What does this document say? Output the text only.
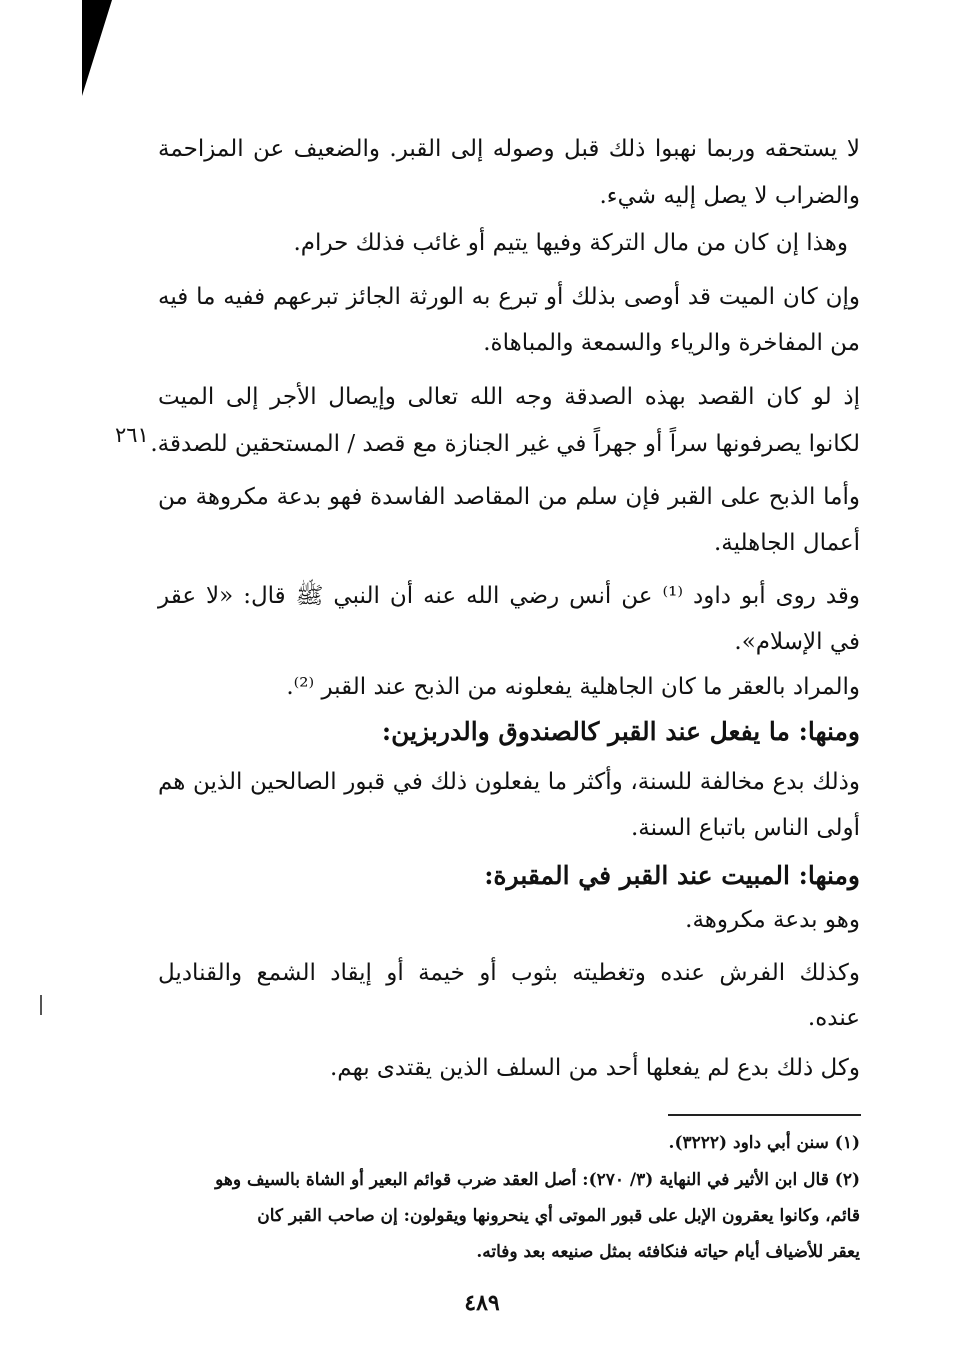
لا يستحقه وربما نهبوا ذلك قبل وصوله إلى القبر. والضعيف عن المزاحمة
والضراب لا يصل إليه شيء.
وهذا إن كان من مال التركة وفيها يتيم أو غائب فذلك حرام.
وإن كان الميت قد أوصى بذلك أو تبرع به الورثة الجائز تبرعهم ففيه ما فيه
من المفاخرة والرياء والسمعة والمباهاة.
إذ لو كان القصد بهذه الصدقة وجه الله تعالى وإيصال الأجر إلى الميت
لكانوا يصرفونها سراً أو جهراً في غير الجنازة مع قصد / المستحقين للصدقة.
٢٦١
وأما الذبح على القبر فإن سلم من المقاصد الفاسدة فهو بدعة مكروهة من
أعمال الجاهلية.
وقد روى أبو داود ⁽¹⁾ عن أنس رضي الله عنه أن النبي ﷺ قال: «لا عقر
في الإسلام».
والمراد بالعقر ما كان الجاهلية يفعلونه من الذبح عند القبر ⁽²⁾.
ومنها: ما يفعل عند القبر كالصندوق والدربزين:
وذلك بدع مخالفة للسنة، وأكثر ما يفعلون ذلك في قبور الصالحين الذين هم
أولى الناس باتباع السنة.
ومنها: المبيت عند القبر في المقبرة:
وهو بدعة مكروهة.
وكذلك الفرش عنده وتغطيته بثوب أو خيمة أو إيقاد الشمع والقناديل
عنده.
وكل ذلك بدع لم يفعلها أحد من السلف الذين يقتدى بهم.
(١) سنن أبي داود (٣٢٢٢).
(٢) قال ابن الأثير في النهاية (٣/ ٢٧٠): أصل العقد ضرب قوائم البعير أو الشاة بالسيف وهو
قائم، وكانوا يعقرون الإبل على قبور الموتى أي ينحرونها ويقولون: إن صاحب القبر كان
يعقر للأضياف أيام حياته فنكافئه بمثل صنيعه بعد وفاته.
٤٨٩
